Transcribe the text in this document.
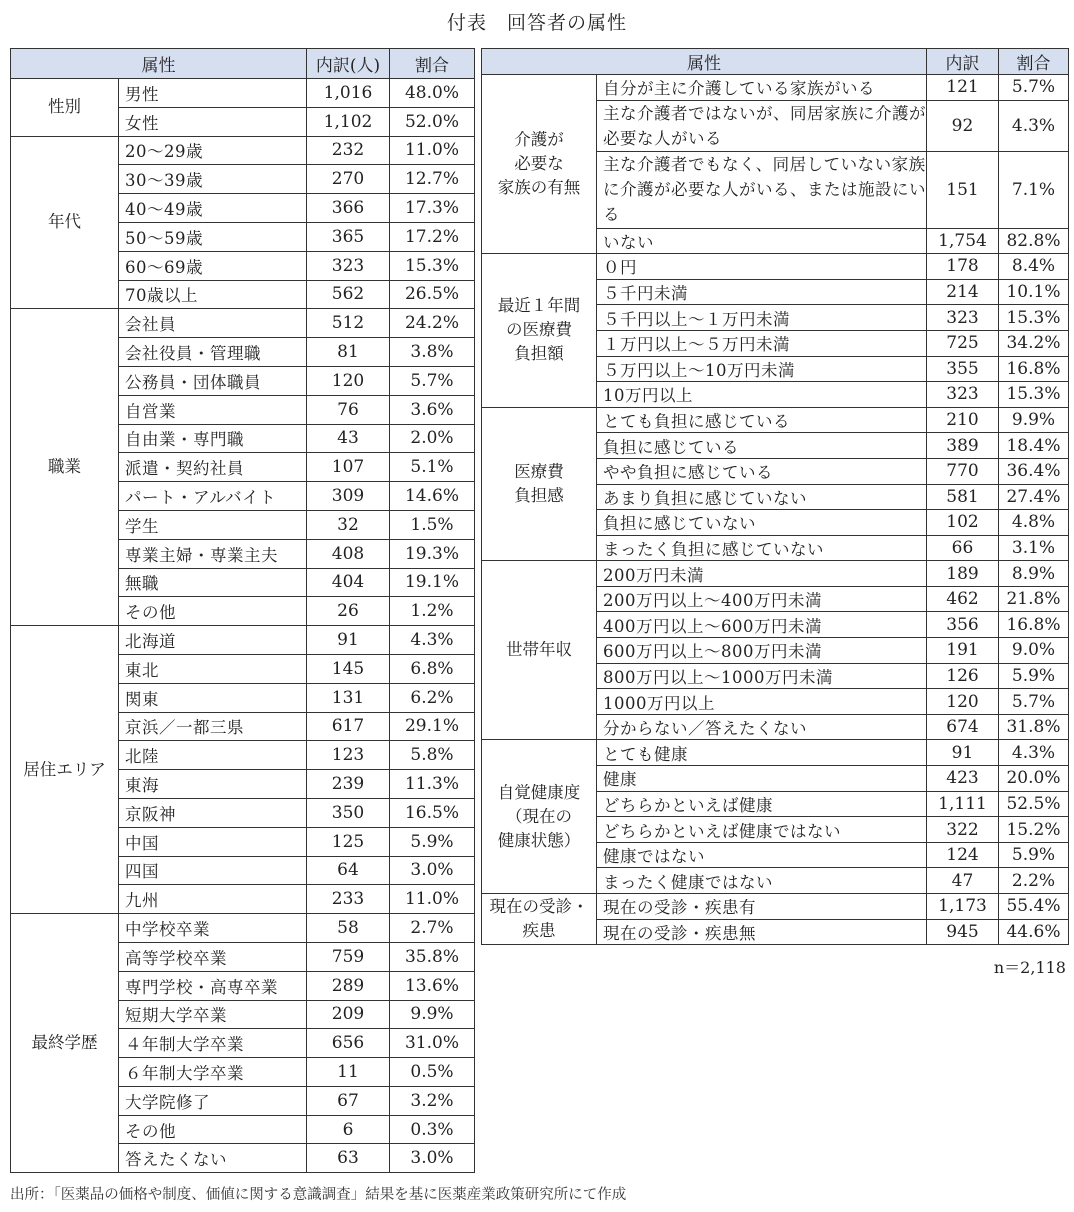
付表　回答者の属性
属性		内訳(人)	割合
性別	男性	1,016	48.0%
	女性	1,102	52.0%
年代	20～29歳	232	11.0%
	30～39歳	270	12.7%
	40～49歳	366	17.3%
	50～59歳	365	17.2%
	60～69歳	323	15.3%
	70歳以上	562	26.5%
職業	会社員	512	24.2%
	会社役員・管理職	81	3.8%
	公務員・団体職員	120	5.7%
	自営業	76	3.6%
	自由業・専門職	43	2.0%
	派遣・契約社員	107	5.1%
	パート・アルバイト	309	14.6%
	学生	32	1.5%
	専業主婦・専業主夫	408	19.3%
	無職	404	19.1%
	その他	26	1.2%
居住エリア	北海道	91	4.3%
	東北	145	6.8%
	関東	131	6.2%
	京浜／一都三県	617	29.1%
	北陸	123	5.8%
	東海	239	11.3%
	京阪神	350	16.5%
	中国	125	5.9%
	四国	64	3.0%
	九州	233	11.0%
最終学歴	中学校卒業	58	2.7%
	高等学校卒業	759	35.8%
	専門学校・高専卒業	289	13.6%
	短期大学卒業	209	9.9%
	４年制大学卒業	656	31.0%
	６年制大学卒業	11	0.5%
	大学院修了	67	3.2%
	その他	6	0.3%
	答えたくない	63	3.0%
属性		内訳	割合
介護が
必要な
家族の有無	自分が主に介護している家族がいる	121	5.7%
	主な介護者ではないが、同居家族に介護が必要な人がいる	92	4.3%
	主な介護者でもなく、同居していない家族に介護が必要な人がいる、または施設にいる	151	7.1%
	いない	1,754	82.8%
最近１年間
の医療費
負担額	０円	178	8.4%
	５千円未満	214	10.1%
	５千円以上～１万円未満	323	15.3%
	１万円以上～５万円未満	725	34.2%
	５万円以上～10万円未満	355	16.8%
	10万円以上	323	15.3%
医療費
負担感	とても負担に感じている	210	9.9%
	負担に感じている	389	18.4%
	やや負担に感じている	770	36.4%
	あまり負担に感じていない	581	27.4%
	負担に感じていない	102	4.8%
	まったく負担に感じていない	66	3.1%
世帯年収	200万円未満	189	8.9%
	200万円以上～400万円未満	462	21.8%
	400万円以上～600万円未満	356	16.8%
	600万円以上～800万円未満	191	9.0%
	800万円以上～1000万円未満	126	5.9%
	1000万円以上	120	5.7%
	分からない／答えたくない	674	31.8%
自覚健康度
（現在の
健康状態）	とても健康	91	4.3%
	健康	423	20.0%
	どちらかといえば健康	1,111	52.5%
	どちらかといえば健康ではない	322	15.2%
	健康ではない	124	5.9%
	まったく健康ではない	47	2.2%
現在の受診・
疾患	現在の受診・疾患有	1,173	55.4%
	現在の受診・疾患無	945	44.6%
n＝2,118
出所：「医薬品の価格や制度、価値に関する意識調査」結果を基に医薬産業政策研究所にて作成
